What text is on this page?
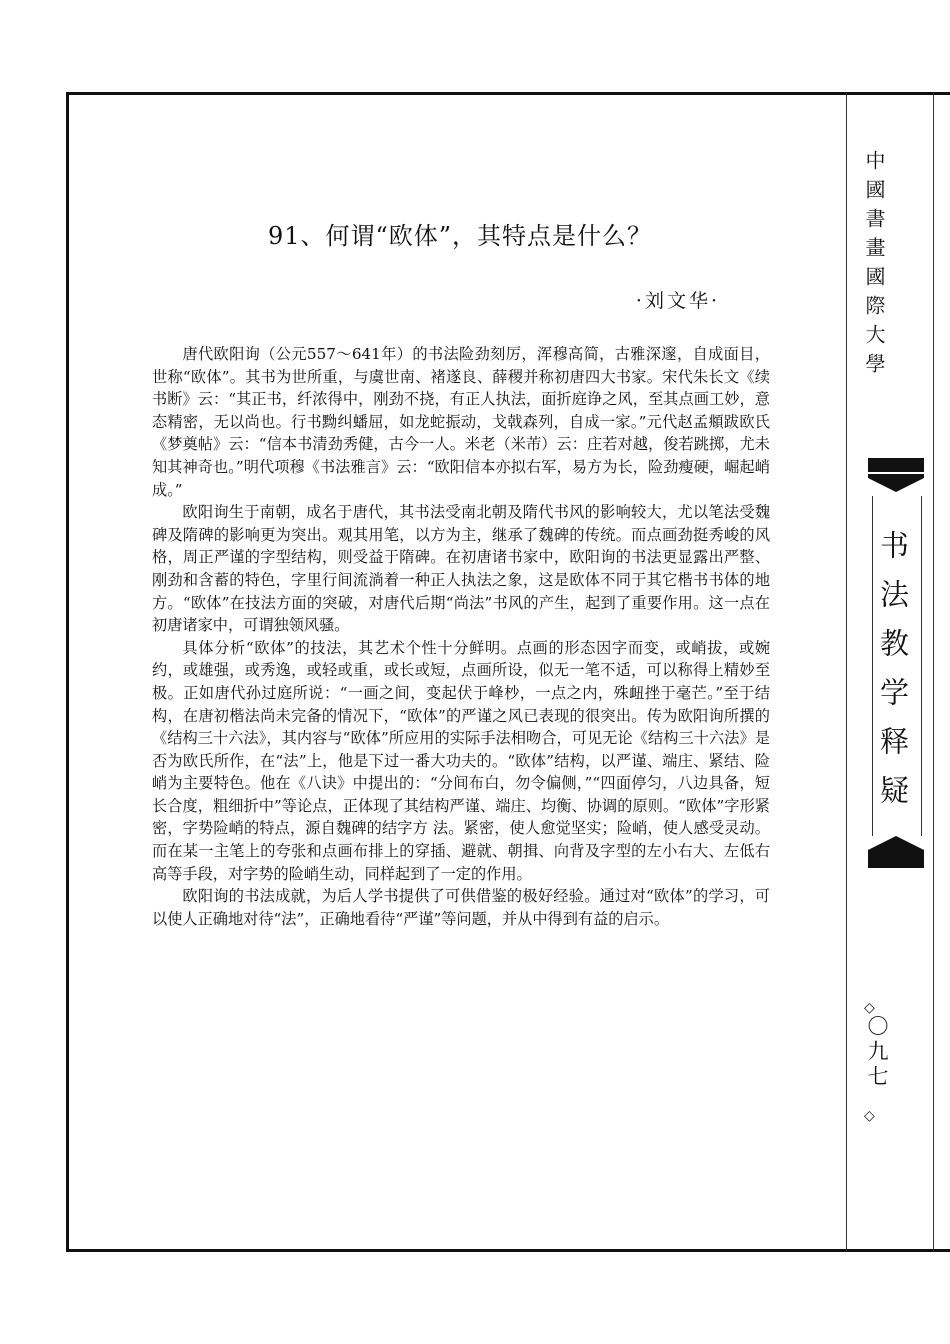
91、何谓“欧体”，其特点是什么？
·刘文华·

唐代欧阳询（公元557～641年）的书法险劲刻厉，浑穆高简，古雅深邃，自成面目，世称“欧体”。其书为世所重，与虞世南、褚遂良、薛稷并称初唐四大书家。宋代朱长文《续书断》云：“其正书，纤浓得中，刚劲不挠，有正人执法，面折庭诤之风，至其点画工妙，意态精密，无以尚也。行书黝纠蟠屈，如龙蛇振动，戈戟森列，自成一家。”元代赵孟頫跋欧氏《梦奠帖》云：“信本书清劲秀健，古今一人。米老（米芾）云：庄若对越，俊若跳掷，尤未知其神奇也。”明代项穆《书法雅言》云：“欧阳信本亦拟右军，易方为长，险劲瘦硬，崛起峭成。”

欧阳询生于南朝，成名于唐代，其书法受南北朝及隋代书风的影响较大，尤以笔法受魏碑及隋碑的影响更为突出。观其用笔，以方为主，继承了魏碑的传统。而点画劲挺秀峻的风格，周正严谨的字型结构，则受益于隋碑。在初唐诸书家中，欧阳询的书法更显露出严整、刚劲和含蓄的特色，字里行间流淌着一种正人执法之象，这是欧体不同于其它楷书书体的地方。“欧体”在技法方面的突破，对唐代后期“尚法”书风的产生，起到了重要作用。这一点在初唐诸家中，可谓独领风骚。

具体分析“欧体”的技法，其艺术个性十分鲜明。点画的形态因字而变，或峭拔，或婉约，或雄强，或秀逸，或轻或重，或长或短，点画所设，似无一笔不适，可以称得上精妙至极。正如唐代孙过庭所说：“一画之间，变起伏于峰杪，一点之内，殊衄挫于毫芒。”至于结构，在唐初楷法尚未完备的情况下，“欧体”的严谨之风已表现的很突出。传为欧阳询所撰的《结构三十六法》，其内容与“欧体”所应用的实际手法相吻合，可见无论《结构三十六法》是否为欧氏所作，在“法”上，他是下过一番大功夫的。“欧体”结构，以严谨、端庄、紧结、险峭为主要特色。他在《八诀》中提出的：“分间布白，勿令偏侧，”“四面停匀，八边具备，短长合度，粗细折中”等论点，正体现了其结构严谨、端庄、均衡、协调的原则。“欧体”字形紧密，字势险峭的特点，源自魏碑的结字方 法。紧密，使人愈觉坚实；险峭，使人感受灵动。而在某一主笔上的夸张和点画布排上的穿插、避就、朝揖、向背及字型的左小右大、左低右高等手段，对字势的险峭生动，同样起到了一定的作用。

欧阳询的书法成就，为后人学书提供了可供借鉴的极好经验。通过对“欧体”的学习，可以使人正确地对待“法”，正确地看待“严谨”等问题，并从中得到有益的启示。

中國書畫國際大學
书法教学释疑
◇
〇九七
◇
